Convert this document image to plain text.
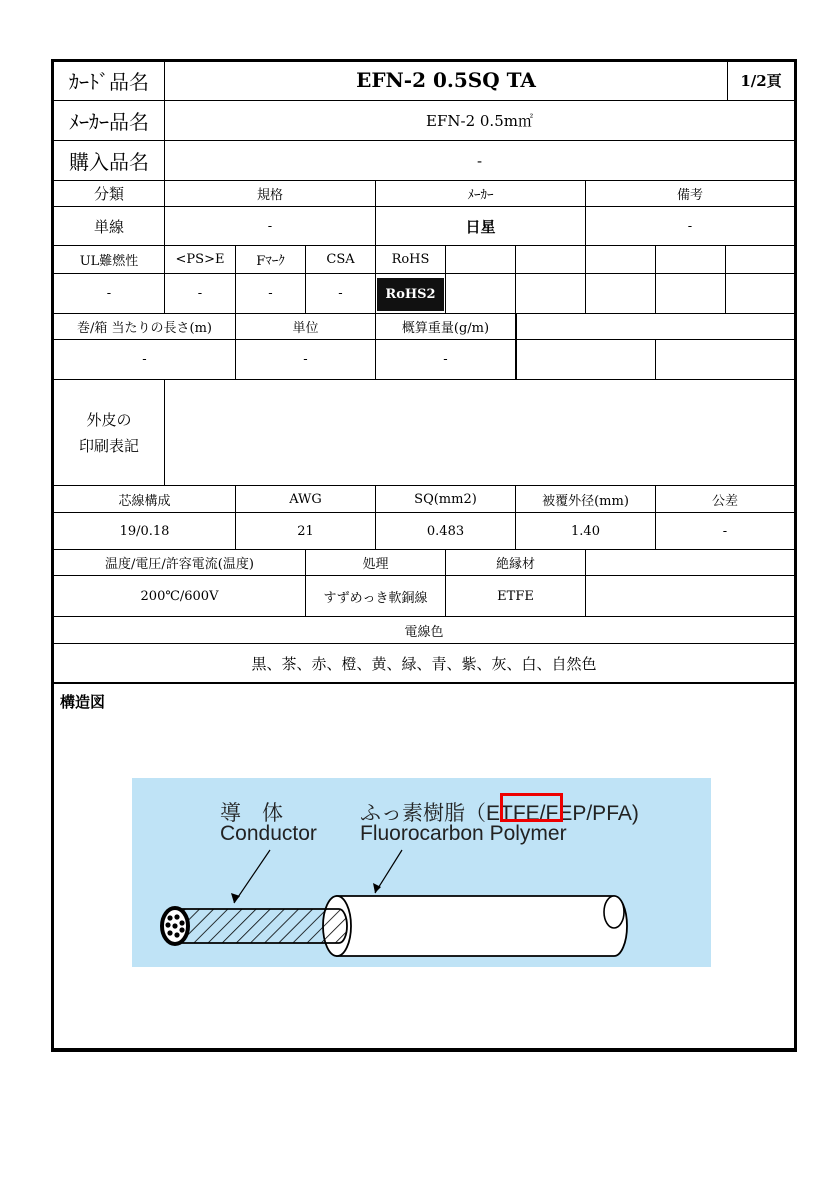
ｶｰﾄﾞ品名	EFN-2 0.5SQ TA	1/2頁
ﾒｰｶｰ品名	EFN-2 0.5m㎡
購入品名	-
分類	規格	ﾒｰｶｰ	備考
単線	-	日星	-
UL難燃性	<PS>E	Fﾏｰｸ	CSA	RoHS
-	-	-	-	RoHS2
巻/箱 当たりの長さ(m)	単位	概算重量(g/m)
-	-	-
外皮の
印刷表記
芯線構成	AWG	SQ(mm2)	被覆外径(mm)	公差
19/0.18	21	0.483	1.40	-
温度/電圧/許容電流(温度)	処理	絶縁材
200℃/600V	すずめっき軟銅線	ETFE
電線色
黒、茶、赤、橙、黄、緑、青、紫、灰、白、自然色
構造図
導　体
Conductor
ふっ素樹脂（ETFE/FEP/PFA)
Fluorocarbon Polymer
